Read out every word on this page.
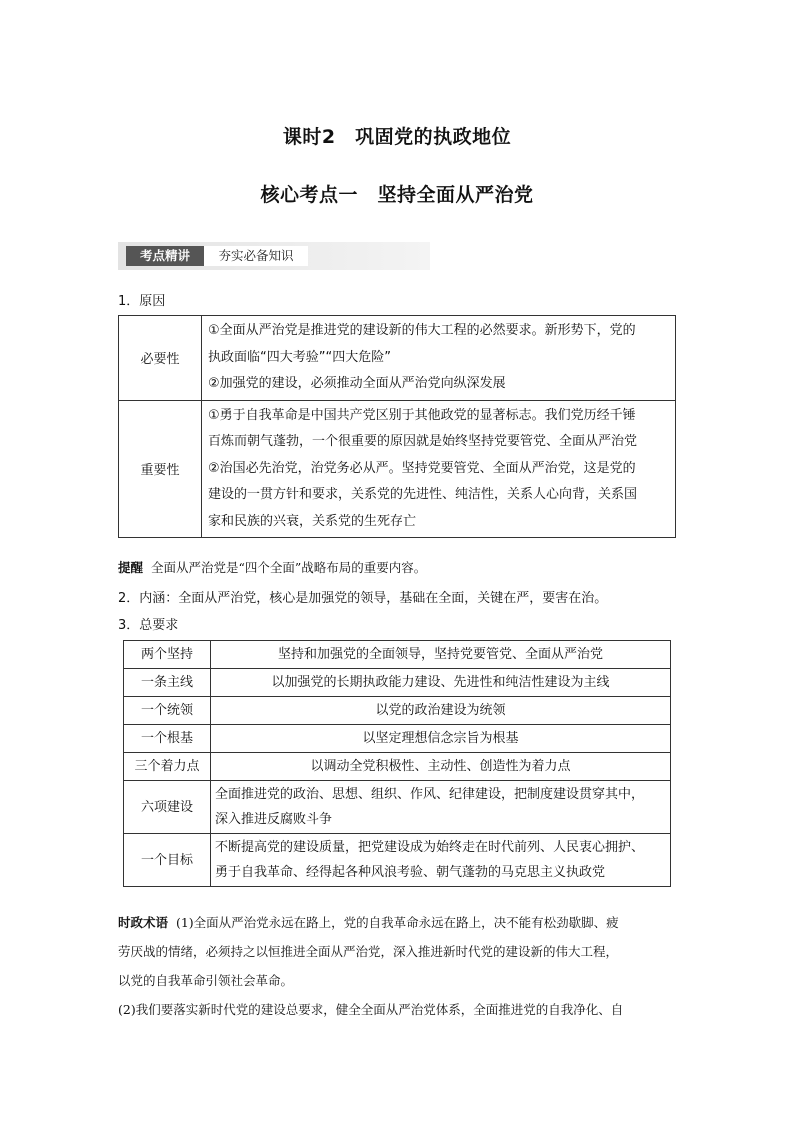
课时2　巩固党的执政地位
核心考点一　坚持全面从严治党
考点精讲	夯实必备知识
1．原因
必要性	①全面从严治党是推进党的建设新的伟大工程的必然要求。新形势下，党的
执政面临“四大考验”“四大危险”
②加强党的建设，必须推动全面从严治党向纵深发展

重要性	①勇于自我革命是中国共产党区别于其他政党的显著标志。我们党历经千锤
百炼而朝气蓬勃，一个很重要的原因就是始终坚持党要管党、全面从严治党
②治国必先治党，治党务必从严。坚持党要管党、全面从严治党，这是党的
建设的一贯方针和要求，关系党的先进性、纯洁性，关系人心向背，关系国
家和民族的兴衰，关系党的生死存亡
提醒 全面从严治党是“四个全面”战略布局的重要内容。
2．内涵：全面从严治党，核心是加强党的领导，基础在全面，关键在严，要害在治。
3．总要求
两个坚持	坚持和加强党的全面领导，坚持党要管党、全面从严治党
一条主线	以加强党的长期执政能力建设、先进性和纯洁性建设为主线
一个统领	以党的政治建设为统领
一个根基	以坚定理想信念宗旨为根基
三个着力点	以调动全党积极性、主动性、创造性为着力点
六项建设	全面推进党的政治、思想、组织、作风、纪律建设，把制度建设贯穿其中，
深入推进反腐败斗争

一个目标	不断提高党的建设质量，把党建设成为始终走在时代前列、人民衷心拥护、
勇于自我革命、经得起各种风浪考验、朝气蓬勃的马克思主义执政党
时政术语 (1)全面从严治党永远在路上，党的自我革命永远在路上，决不能有松劲歇脚、疲
劳厌战的情绪，必须持之以恒推进全面从严治党，深入推进新时代党的建设新的伟大工程，
以党的自我革命引领社会革命。
(2)我们要落实新时代党的建设总要求，健全全面从严治党体系，全面推进党的自我净化、自
